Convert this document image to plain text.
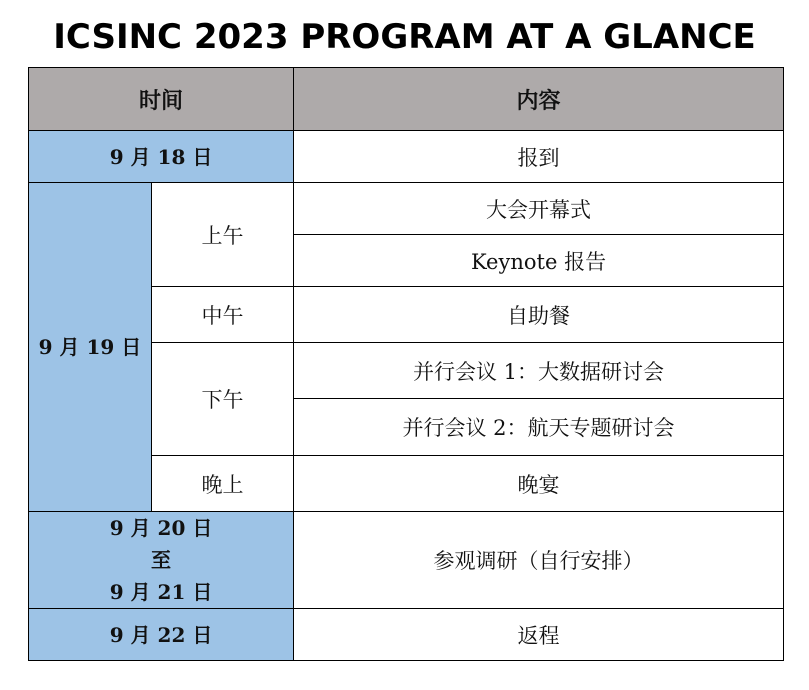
ICSINC 2023 PROGRAM AT A GLANCE
时间		内容
9 月 18 日		报到
9 月 19 日	上午	大会开幕式
		Keynote 报告
	中午	自助餐
	下午	并行会议 1：大数据研讨会
		并行会议 2：航天专题研讨会
	晚上	晚宴

9 月 20 日
至
9 月 21 日		参观调研（自行安排）
9 月 22 日		返程
